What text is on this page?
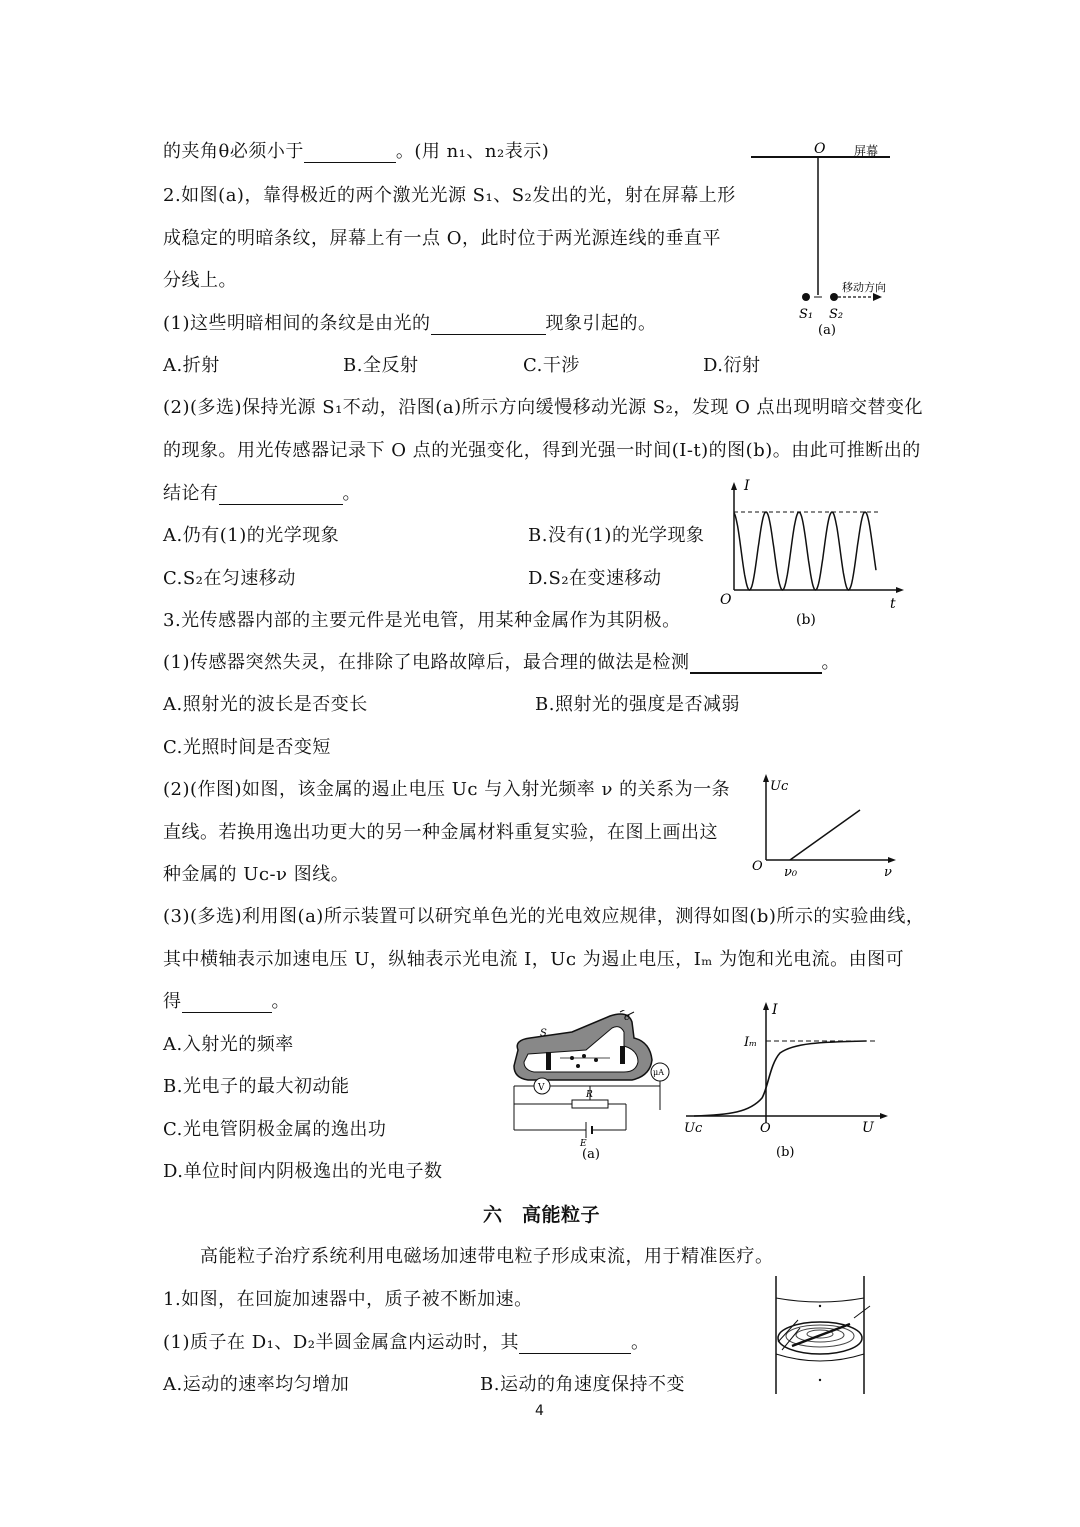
的夹角θ必须小于	。(用 n₁、n₂表示)
2.如图(a)，靠得极近的两个激光光源 S₁、S₂发出的光，射在屏幕上形
成稳定的明暗条纹，屏幕上有一点 O，此时位于两光源连线的垂直平
分线上。
(1)这些明暗相间的条纹是由光的	现象引起的。
A.折射	B.全反射	C.干涉	D.衍射
(2)(多选)保持光源 S₁不动，沿图(a)所示方向缓慢移动光源 S₂，发现 O 点出现明暗交替变化
的现象。用光传感器记录下 O 点的光强变化，得到光强一时间(I-t)的图(b)。由此可推断出的
结论有	。
A.仍有(1)的光学现象	B.没有(1)的光学现象
C.S₂在匀速移动	D.S₂在变速移动
3.光传感器内部的主要元件是光电管，用某种金属作为其阴极。
(1)传感器突然失灵，在排除了电路故障后，最合理的做法是检测	。
A.照射光的波长是否变长	B.照射光的强度是否减弱
C.光照时间是否变短
(2)(作图)如图，该金属的遏止电压 Uᴄ 与入射光频率 ν 的关系为一条
直线。若换用逸出功更大的另一种金属材料重复实验，在图上画出这
种金属的 Uᴄ-ν 图线。
(3)(多选)利用图(a)所示装置可以研究单色光的光电效应规律，测得如图(b)所示的实验曲线，
其中横轴表示加速电压 U，纵轴表示光电流 I，Uᴄ 为遏止电压，Iₘ 为饱和光电流。由图可
得	。
A.入射光的频率
B.光电子的最大初动能
C.光电管阴极金属的逸出功
D.单位时间内阴极逸出的光电子数
六　高能粒子
高能粒子治疗系统利用电磁场加速带电粒子形成束流，用于精准医疗。
1.如图，在回旋加速器中，质子被不断加速。
(1)质子在 D₁、D₂半圆金属盒内运动时，其	。
A.运动的速率均匀增加	B.运动的角速度保持不变
4
O 屏幕
移动方向
S₁ S₂
(a)
I
O	t
(b)
Uᴄ
O ν₀	ν
c
S
V
μA
R
E
(a)
I
Iₘ
Uᴄ	O	U
(b)
